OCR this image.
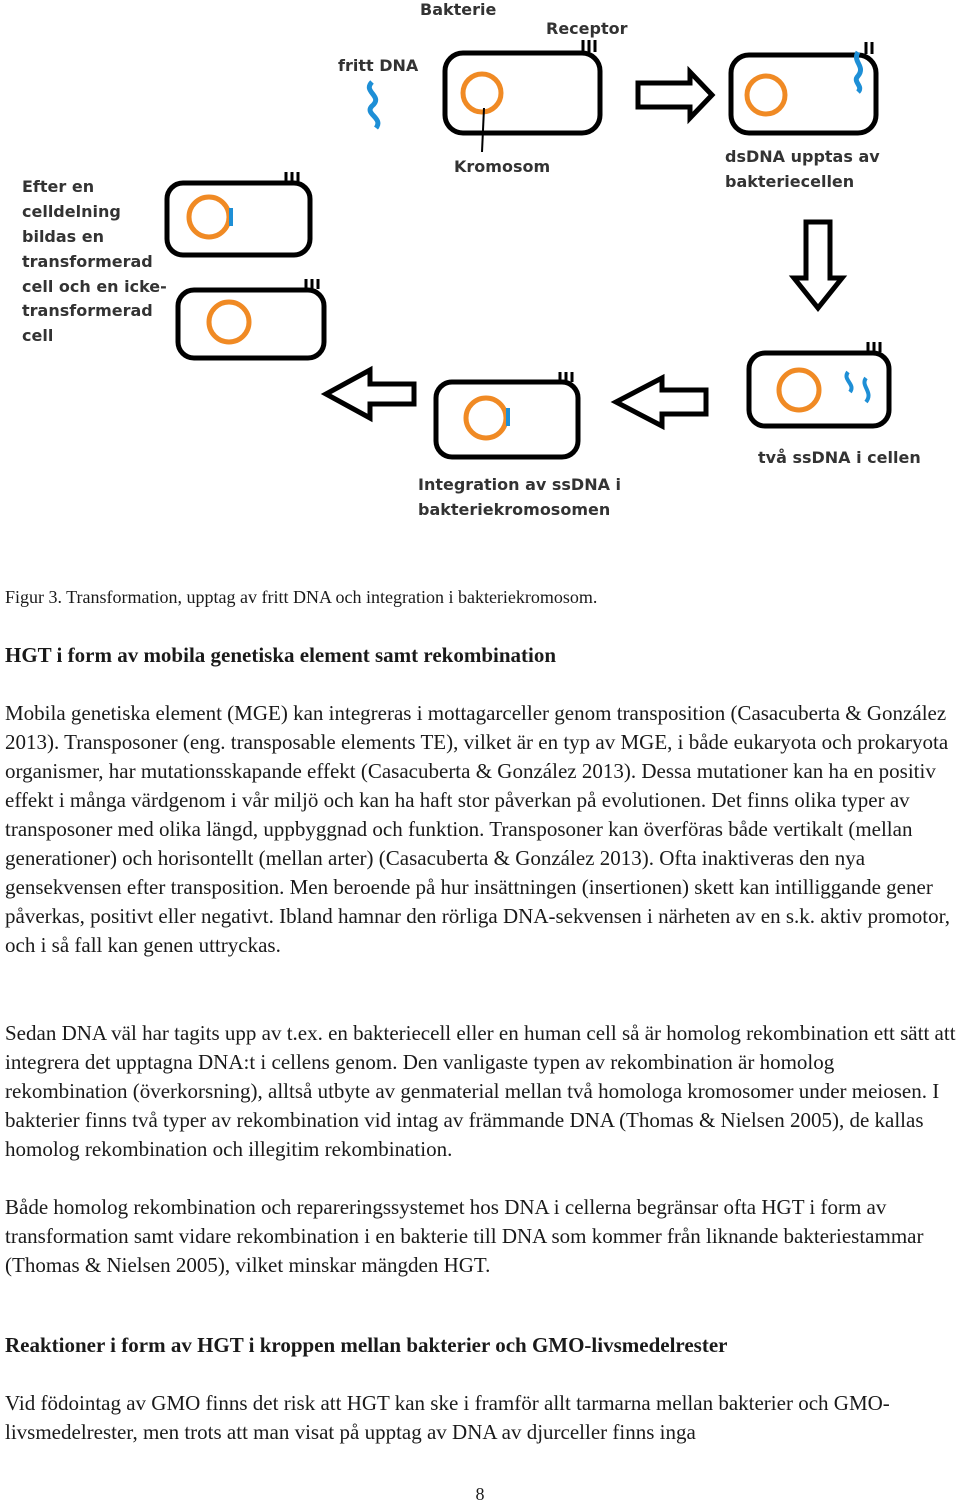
Bakterie
Receptor
fritt DNA
Kromosom
dsDNA upptas av
bakteriecellen
Efter en
celldelning
bildas en
transformerad
cell och en icke-
transformerad
cell
två ssDNA i cellen
Integration av ssDNA i
bakteriekromosomen
Figur 3. Transformation, upptag av fritt DNA och integration i bakteriekromosom.
HGT i form av mobila genetiska element samt rekombination

Mobila genetiska element (MGE) kan integreras i mottagarceller genom transposition (Casacuberta & González 2013). Transposoner (eng. transposable elements TE), vilket är en typ av MGE, i både eukaryota och prokaryota organismer, har mutationsskapande effekt (Casacuberta & González 2013). Dessa mutationer kan ha en positiv effekt i många värdgenom i vår miljö och kan ha haft stor påverkan på evolutionen. Det finns olika typer av transposoner med olika längd, uppbyggnad och funktion. Transposoner kan överföras både vertikalt (mellan generationer) och horisontellt (mellan arter) (Casacuberta & González 2013). Ofta inaktiveras den nya gensekvensen efter transposition. Men beroende på hur insättningen (insertionen) skett kan intilliggande gener påverkas, positivt eller negativt. Ibland hamnar den rörliga DNA-sekvensen i närheten av en s.k. aktiv promotor, och i så fall kan genen uttryckas.

Sedan DNA väl har tagits upp av t.ex. en bakteriecell eller en human cell så är homolog rekombination ett sätt att integrera det upptagna DNA:t i cellens genom. Den vanligaste typen av rekombination är homolog rekombination (överkorsning), alltså utbyte av genmaterial mellan två homologa kromosomer under meiosen. I bakterier finns två typer av rekombination vid intag av främmande DNA (Thomas & Nielsen 2005), de kallas homolog rekombination och illegitim rekombination.

Både homolog rekombination och repareringssystemet hos DNA i cellerna begränsar ofta HGT i form av transformation samt vidare rekombination i en bakterie till DNA som kommer från liknande bakteriestammar (Thomas & Nielsen 2005), vilket minskar mängden HGT.

Reaktioner i form av HGT i kroppen mellan bakterier och GMO-livsmedelrester

Vid födointag av GMO finns det risk att HGT kan ske i framför allt tarmarna mellan bakterier och GMO-livsmedelrester, men trots att man visat på upptag av DNA av djurceller finns inga

8
